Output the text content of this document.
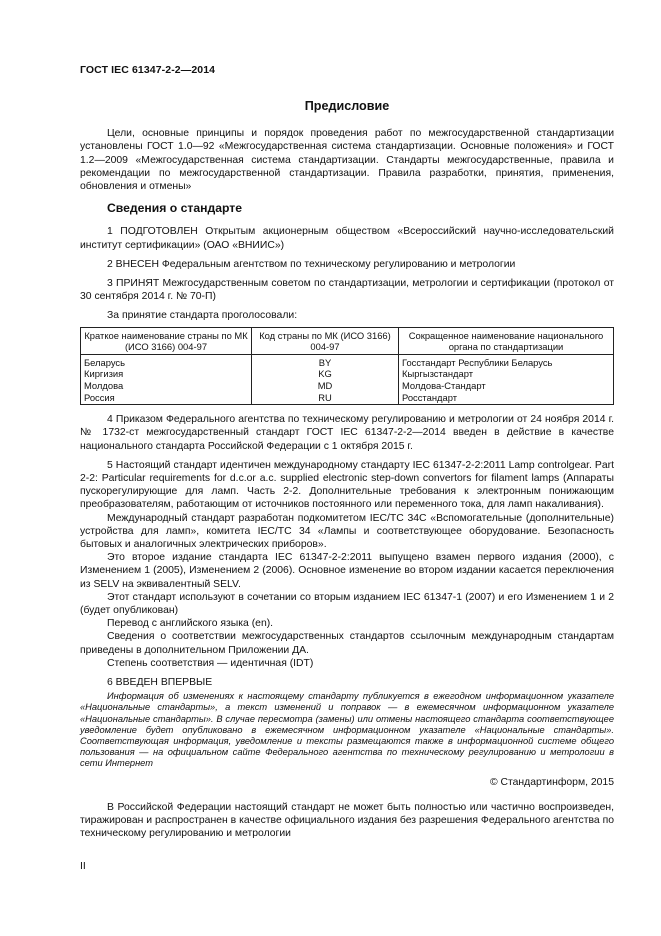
ГОСТ IEC 61347-2-2—2014
Предисловие

Цели, основные принципы и порядок проведения работ по межгосударственной стандартизации установлены ГОСТ 1.0—92 «Межгосударственная система стандартизации. Основные положения» и ГОСТ 1.2—2009 «Межгосударственная система стандартизации. Стандарты межгосударственные, правила и рекомендации по межгосударственной стандартизации. Правила разработки, принятия, применения, обновления и отмены»

Сведения о стандарте

1 ПОДГОТОВЛЕН Открытым акционерным обществом «Всероссийский научно-исследовательский институт сертификации» (ОАО «ВНИИС»)

2 ВНЕСЕН Федеральным агентством по техническому регулированию и метрологии

3 ПРИНЯТ Межгосударственным советом по стандартизации, метрологии и сертификации (протокол от 30 сентября 2014 г. № 70-П)

За принятие стандарта проголосовали:

Краткое наименование страны по МК (ИСО 3166) 004-97	Код страны по МК (ИСО 3166) 004-97	Сокращенное наименование национального органа по стандартизации
Беларусь	BY	Госстандарт Республики Беларусь
Киргизия	KG	Кыргызстандарт
Молдова	MD	Молдова-Стандарт
Россия	RU	Росстандарт

4 Приказом Федерального агентства по техническому регулированию и метрологии от 24 ноября 2014 г. № 1732-ст межгосударственный стандарт ГОСТ IEC 61347-2-2—2014 введен в действие в качестве национального стандарта Российской Федерации с 1 октября 2015 г.

5 Настоящий стандарт идентичен международному стандарту IEC 61347-2-2:2011 Lamp controlgear. Part 2-2: Particular requirements for d.c.or a.c. supplied electronic step-down convertors for filament lamps (Аппараты пускорегулирующие для ламп. Часть 2-2. Дополнительные требования к электронным понижающим преобразователям, работающим от источников постоянного или переменного тока, для ламп накаливания).

Международный стандарт разработан подкомитетом IEC/TC 34C «Вспомогательные (дополнительные) устройства для ламп», комитета IEC/TC 34 «Лампы и соответствующее оборудование. Безопасность бытовых и аналогичных электрических приборов».

Это второе издание стандарта IEC 61347-2-2:2011 выпущено взамен первого издания (2000), с Изменением 1 (2005), Изменением 2 (2006). Основное изменение во втором издании касается переключения из SELV на эквивалентный SELV.

Этот стандарт используют в сочетании со вторым изданием IEC 61347-1 (2007) и его Изменением 1 и 2 (будет опубликован)

Перевод с английского языка (en).

Сведения о соответствии межгосударственных стандартов ссылочным международным стандартам приведены в дополнительном Приложении ДА.

Степень соответствия — идентичная (IDT)

6 ВВЕДЕН ВПЕРВЫЕ

Информация об изменениях к настоящему стандарту публикуется в ежегодном информационном указателе «Национальные стандарты», а текст изменений и поправок — в ежемесячном информационном указателе «Национальные стандарты». В случае пересмотра (замены) или отмены настоящего стандарта соответствующее уведомление будет опубликовано в ежемесячном информационном указателе «Национальные стандарты». Соответствующая информация, уведомление и тексты размещаются также в информационной системе общего пользования — на официальном сайте Федерального агентства по техническому регулированию и метрологии в сети Интернет

© Стандартинформ, 2015

В Российской Федерации настоящий стандарт не может быть полностью или частично воспроизведен, тиражирован и распространен в качестве официального издания без разрешения Федерального агентства по техническому регулированию и метрологии

II
